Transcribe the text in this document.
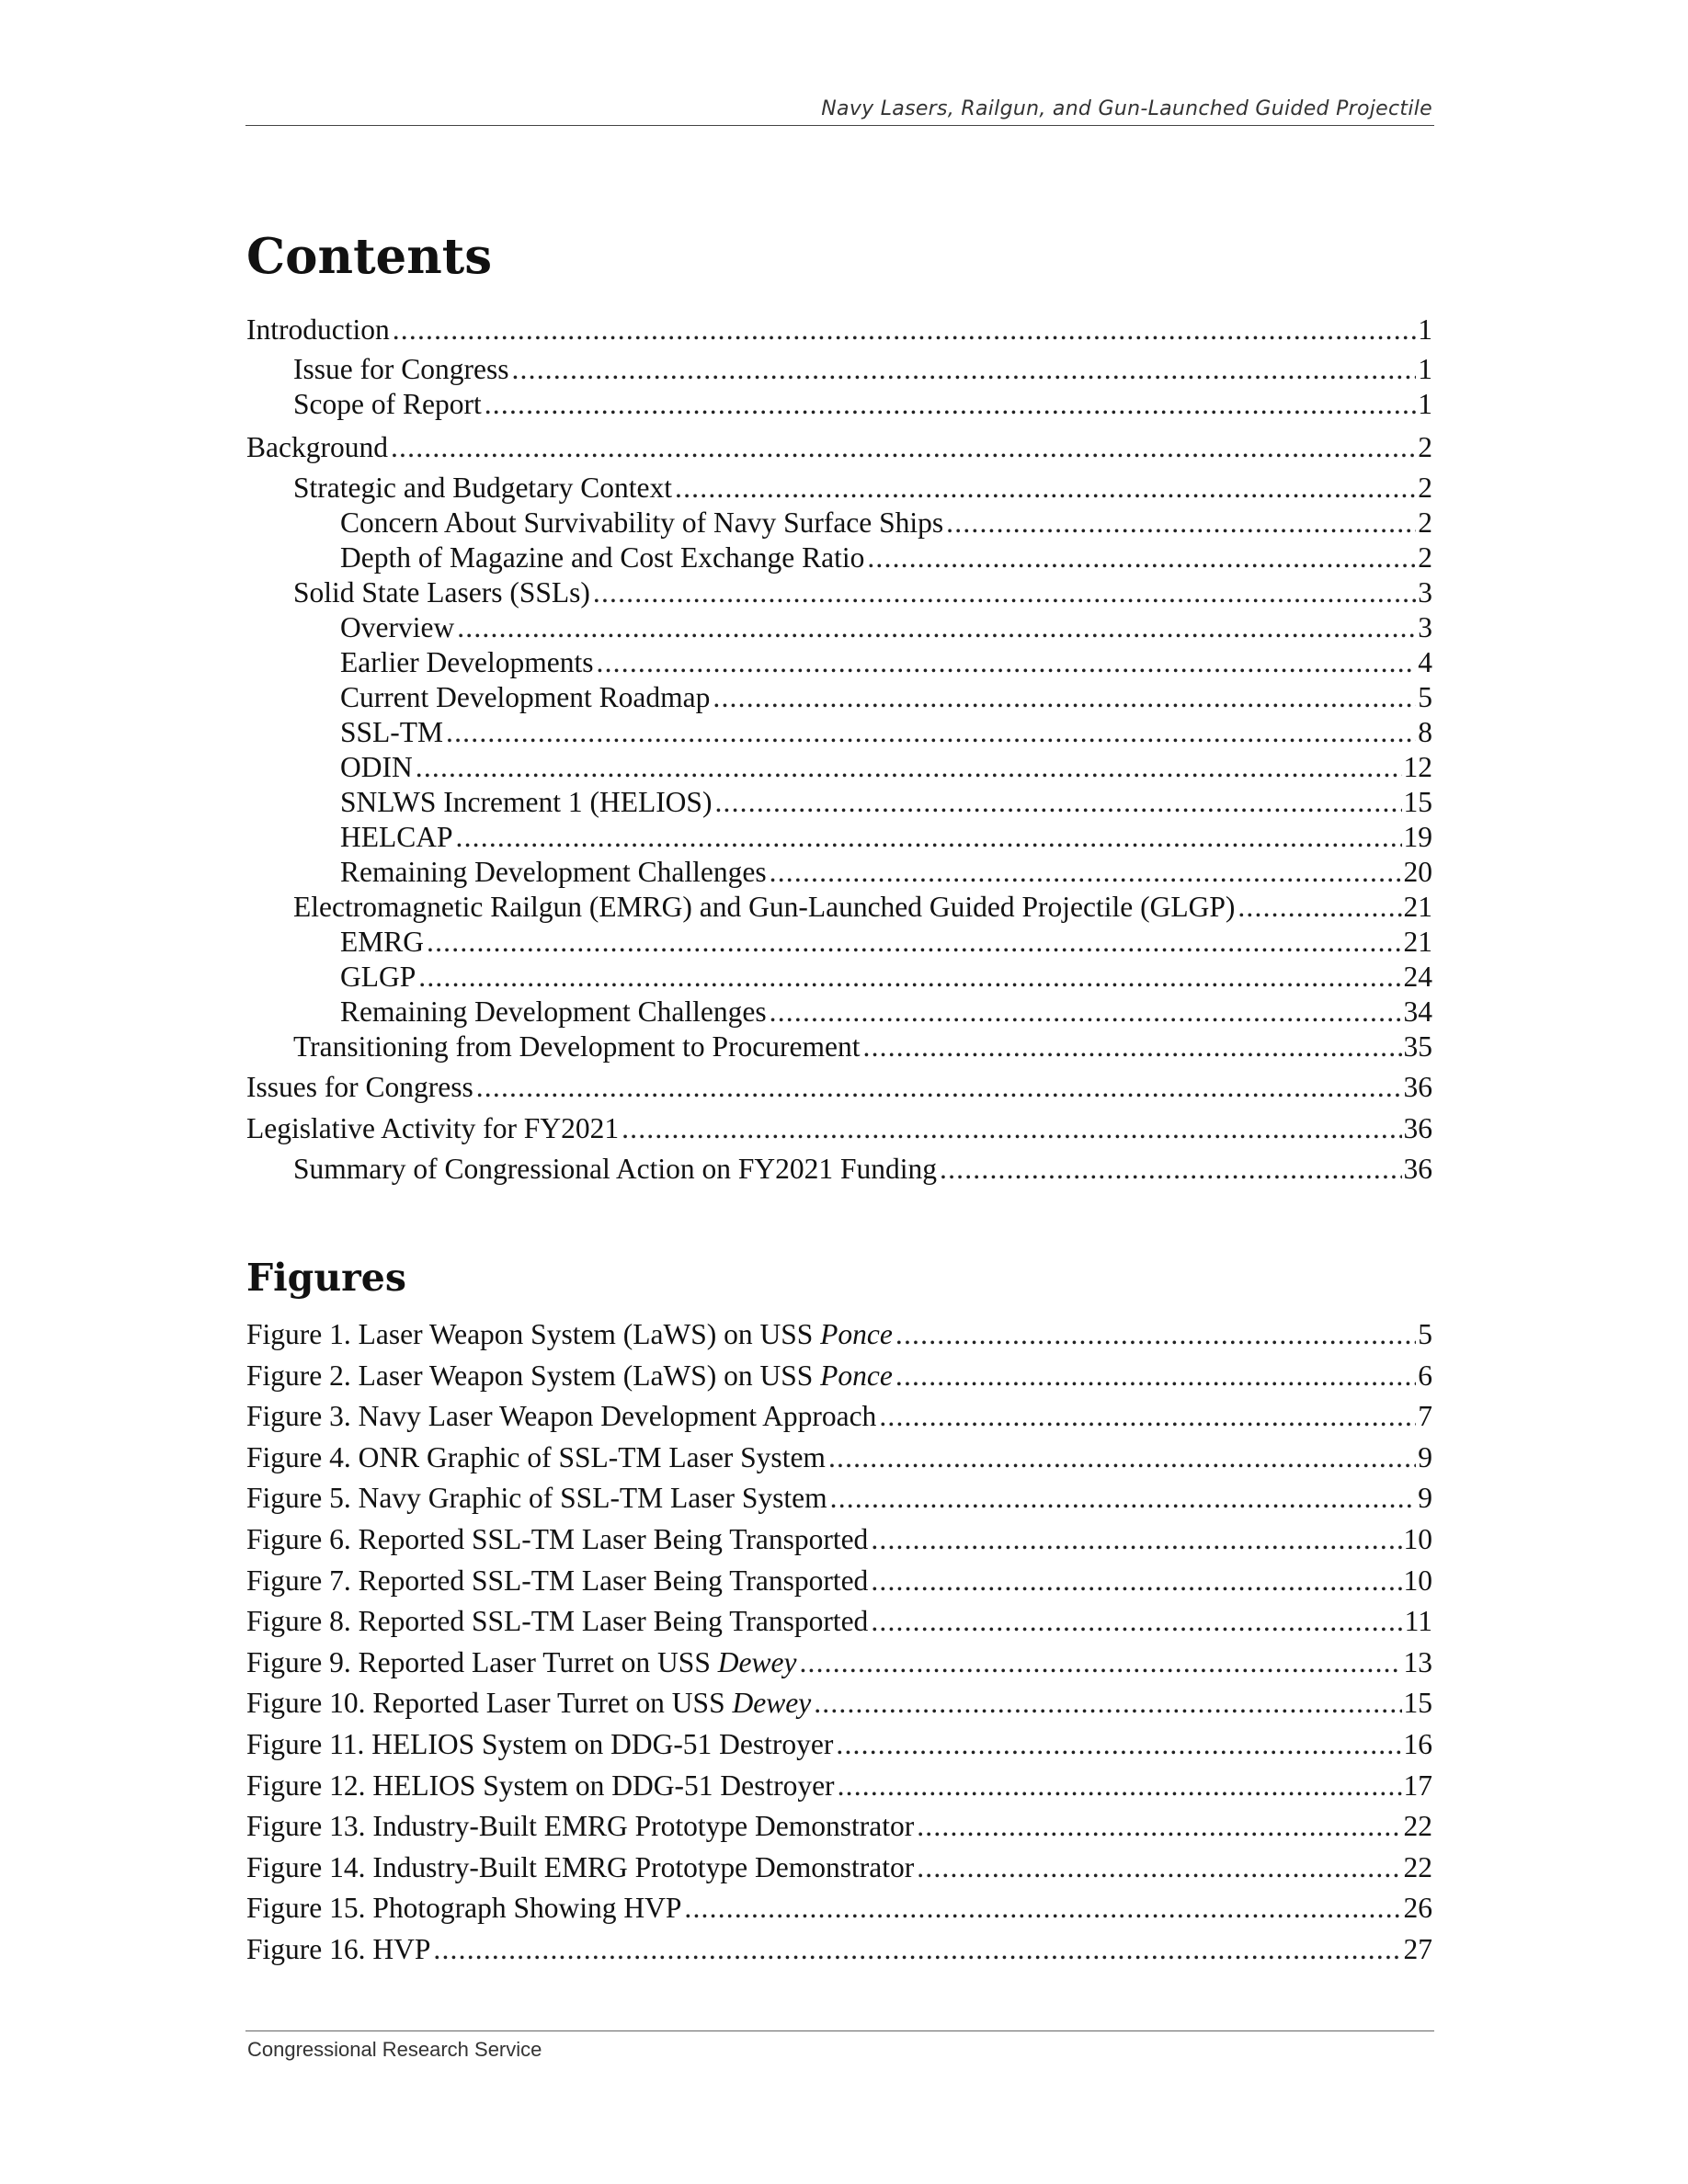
Navy Lasers, Railgun, and Gun-Launched Guided Projectile
Contents
Introduction .....	1
Issue for Congress .....	1
Scope of Report .....	1
Background .....	2
Strategic and Budgetary Context .....	2
Concern About Survivability of Navy Surface Ships .....	2
Depth of Magazine and Cost Exchange Ratio .....	2
Solid State Lasers (SSLs) .....	3
Overview .....	3
Earlier Developments .....	4
Current Development Roadmap .....	5
SSL-TM .....	8
ODIN .....	12
SNLWS Increment 1 (HELIOS) .....	15
HELCAP .....	19
Remaining Development Challenges .....	20
Electromagnetic Railgun (EMRG) and Gun-Launched Guided Projectile (GLGP) .....	21
EMRG .....	21
GLGP .....	24
Remaining Development Challenges .....	34
Transitioning from Development to Procurement .....	35
Issues for Congress .....	36
Legislative Activity for FY2021 .....	36
Summary of Congressional Action on FY2021 Funding .....	36
Figures
Figure 1. Laser Weapon System (LaWS) on USS Ponce .....	5
Figure 2. Laser Weapon System (LaWS) on USS Ponce .....	6
Figure 3. Navy Laser Weapon Development Approach .....	7
Figure 4. ONR Graphic of SSL-TM Laser System .....	9
Figure 5. Navy Graphic of SSL-TM Laser System .....	9
Figure 6. Reported SSL-TM Laser Being Transported .....	10
Figure 7. Reported SSL-TM Laser Being Transported .....	10
Figure 8. Reported SSL-TM Laser Being Transported .....	11
Figure 9. Reported Laser Turret on USS Dewey .....	13
Figure 10. Reported Laser Turret on USS Dewey .....	15
Figure 11. HELIOS System on DDG-51 Destroyer .....	16
Figure 12. HELIOS System on DDG-51 Destroyer .....	17
Figure 13. Industry-Built EMRG Prototype Demonstrator .....	22
Figure 14. Industry-Built EMRG Prototype Demonstrator .....	22
Figure 15. Photograph Showing HVP .....	26
Figure 16. HVP .....	27
Congressional Research Service
